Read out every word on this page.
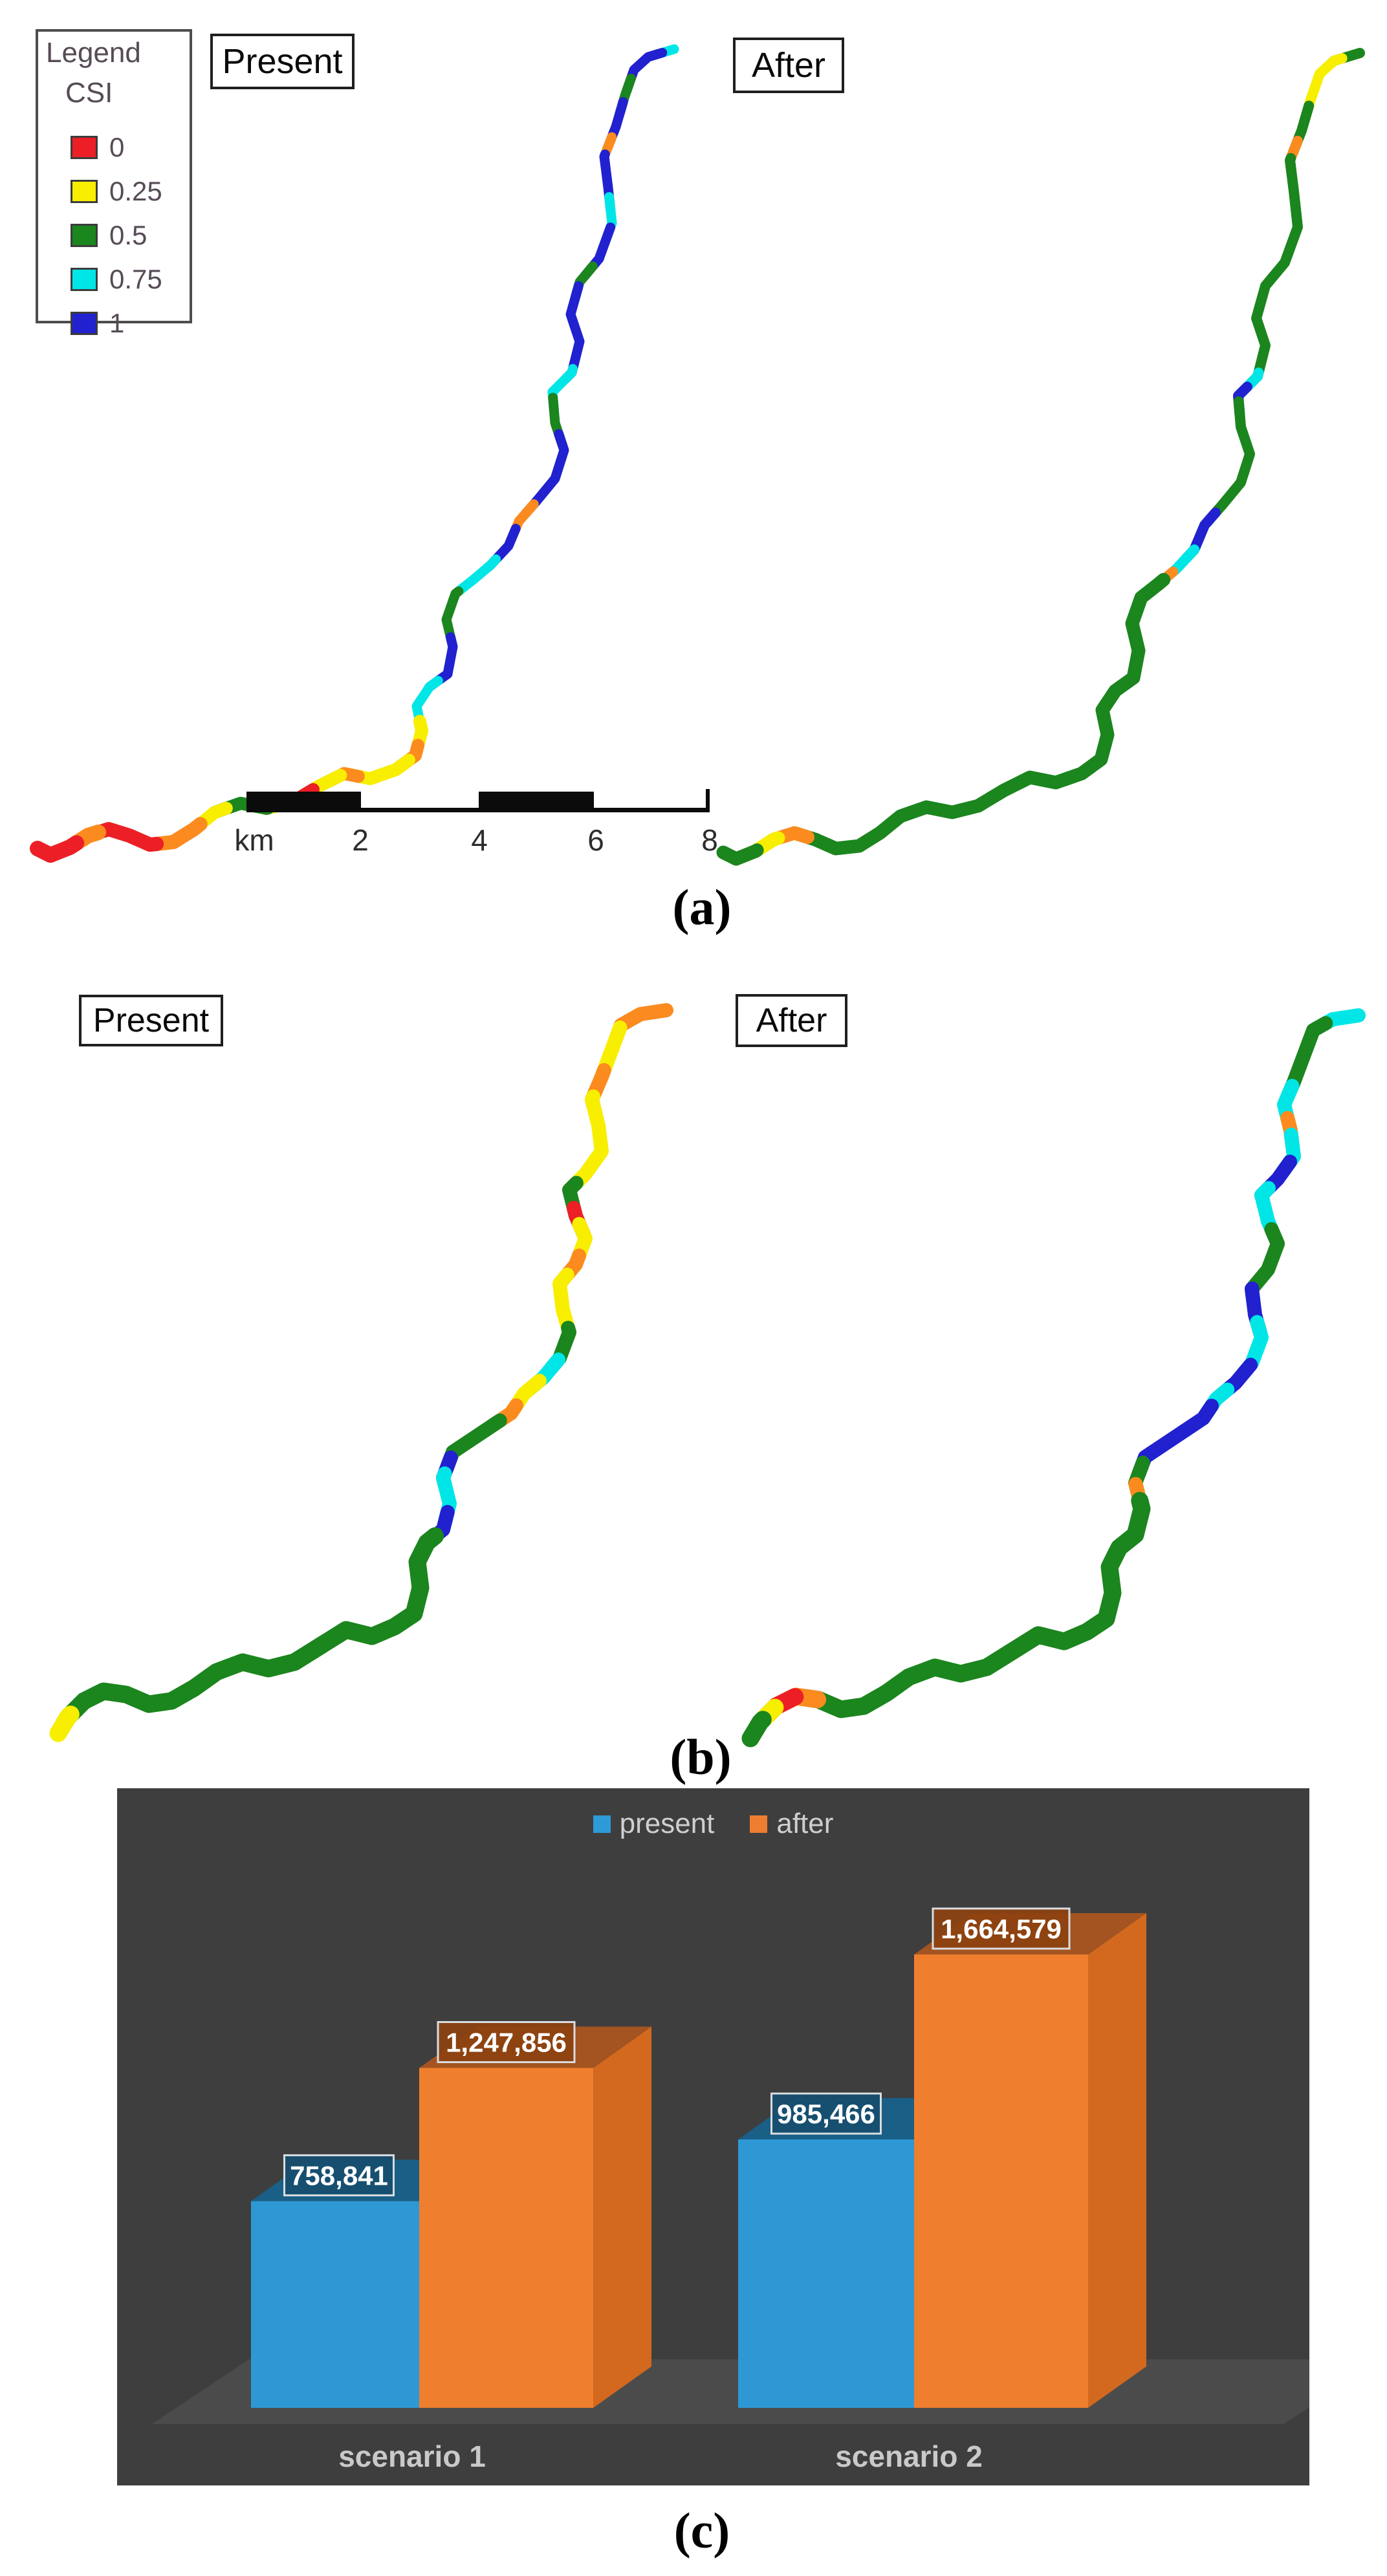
Legend
CSI
0
0.25
0.5
0.75
1
Present	After
Present	After
km	2	4	6	8
(a)
(b)
(c)
758,841
1,247,856
985,466
1,664,579
present after
scenario 1	scenario 2
